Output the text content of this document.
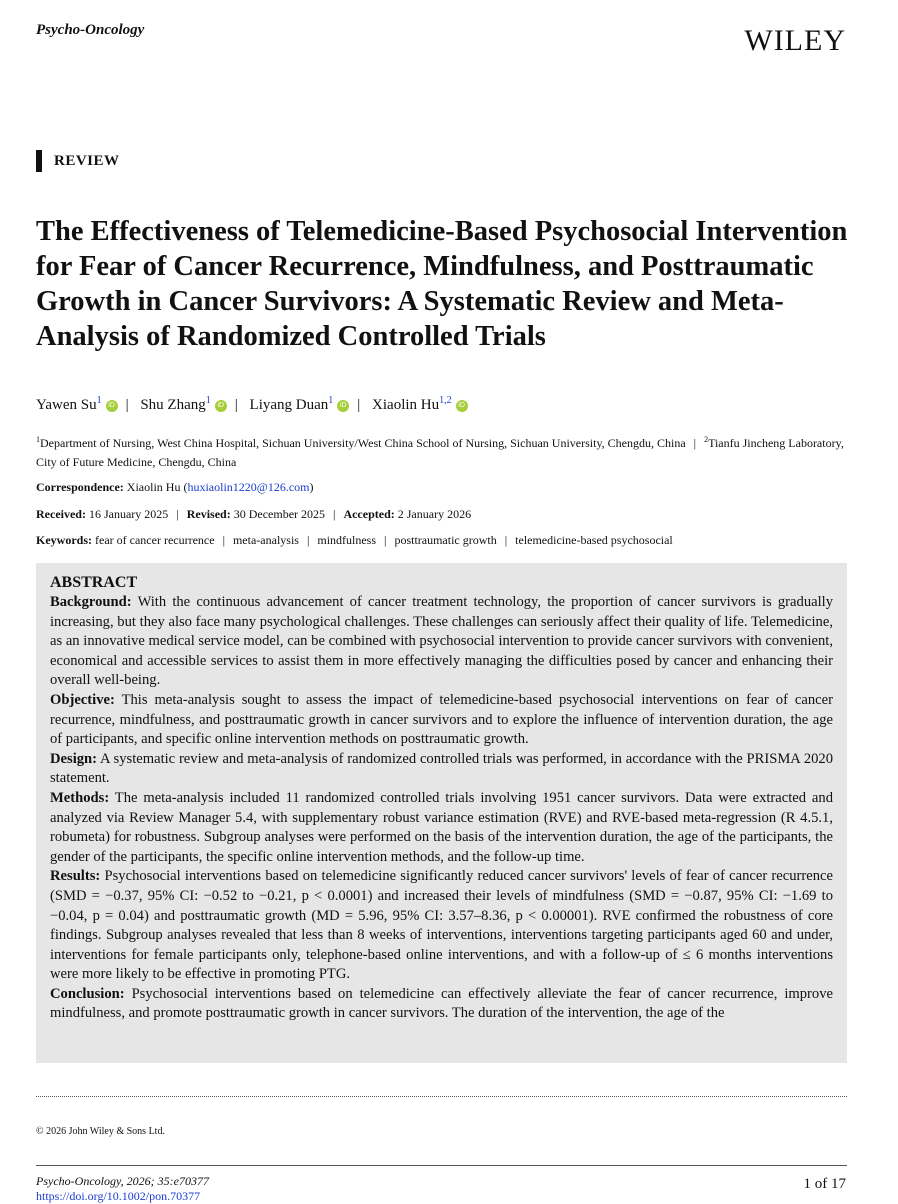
Psycho-Oncology	WILEY
REVIEW
The Effectiveness of Telemedicine-Based Psychosocial Intervention for Fear of Cancer Recurrence, Mindfulness, and Posttraumatic Growth in Cancer Survivors: A Systematic Review and Meta-Analysis of Randomized Controlled Trials
Yawen Su$^1$ iD | Shu Zhang$^1$ iD | Liyang Duan$^1$ iD | Xiaolin Hu$^{1,2}$ iD
$^1$Department of Nursing, West China Hospital, Sichuan University/West China School of Nursing, Sichuan University, Chengdu, China | $^2$Tianfu Jincheng Laboratory, City of Future Medicine, Chengdu, China
Correspondence: Xiaolin Hu (huxiaolin1220@126.com)
Received: 16 January 2025 | Revised: 30 December 2025 | Accepted: 2 January 2026
Keywords: fear of cancer recurrence | meta-analysis | mindfulness | posttraumatic growth | telemedicine-based psychosocial
ABSTRACT

Background: With the continuous advancement of cancer treatment technology, the proportion of cancer survivors is gradually increasing, but they also face many psychological challenges. These challenges can seriously affect their quality of life. Telemedicine, as an innovative medical service model, can be combined with psychosocial intervention to provide cancer survivors with convenient, economical and accessible services to assist them in more effectively managing the difficulties posed by cancer and enhancing their overall well-being.

Objective: This meta-analysis sought to assess the impact of telemedicine-based psychosocial interventions on fear of cancer recurrence, mindfulness, and posttraumatic growth in cancer survivors and to explore the influence of intervention duration, the age of participants, and specific online intervention methods on posttraumatic growth.

Design: A systematic review and meta-analysis of randomized controlled trials was performed, in accordance with the PRISMA 2020 statement.

Methods: The meta-analysis included 11 randomized controlled trials involving 1951 cancer survivors. Data were extracted and analyzed via Review Manager 5.4, with supplementary robust variance estimation (RVE) and RVE-based meta-regression (R 4.5.1, robumeta) for robustness. Subgroup analyses were performed on the basis of the intervention duration, the age of the participants, the gender of the participants, the specific online intervention methods, and the follow-up time.

Results: Psychosocial interventions based on telemedicine significantly reduced cancer survivors' levels of fear of cancer recurrence (SMD = −0.37, 95% CI: −0.52 to −0.21, p < 0.0001) and increased their levels of mindfulness (SMD = −0.87, 95% CI: −1.69 to −0.04, p = 0.04) and posttraumatic growth (MD = 5.96, 95% CI: 3.57–8.36, p < 0.00001). RVE confirmed the robustness of core findings. Subgroup analyses revealed that less than 8 weeks of interventions, interventions targeting participants aged 60 and under, interventions for female participants only, telephone-based online interventions, and with a follow-up of ≤ 6 months interventions were more likely to be effective in promoting PTG.

Conclusion: Psychosocial interventions based on telemedicine can effectively alleviate the fear of cancer recurrence, improve mindfulness, and promote posttraumatic growth in cancer survivors. The duration of the intervention, the age of the

© 2026 John Wiley & Sons Ltd.
Psycho-Oncology, 2026; 35:e70377
https://doi.org/10.1002/pon.70377
1 of 17
